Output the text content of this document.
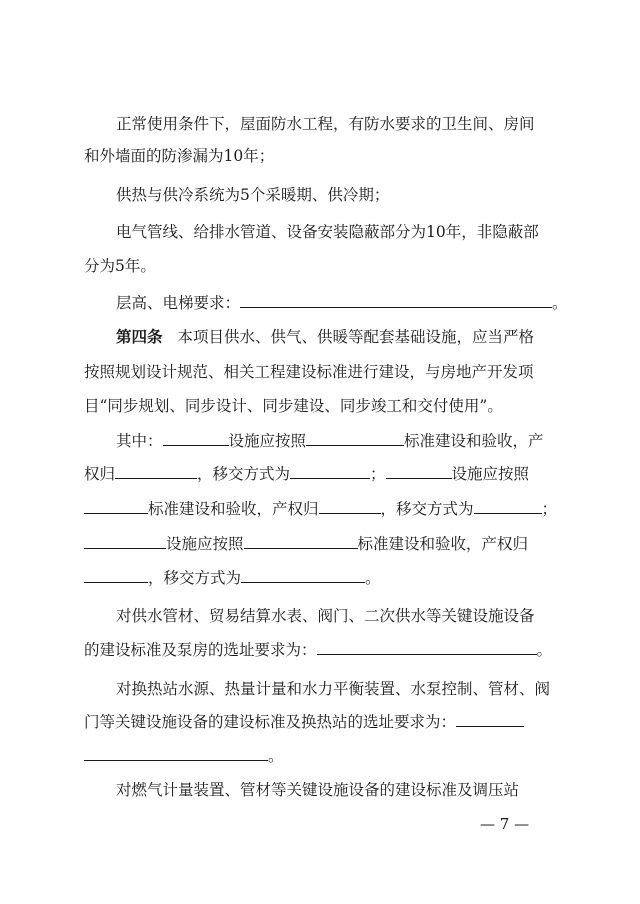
正常使用条件下，屋面防水工程，有防水要求的卫生间、房间
和外墙面的防渗漏为10年；
供热与供冷系统为5个采暖期、供冷期；
电气管线、给排水管道、设备安装隐蔽部分为10年，非隐蔽部
分为5年。
层高、电梯要求：	。
第四条 本项目供水、供气、供暖等配套基础设施，应当严格
按照规划设计规范、相关工程建设标准进行建设，与房地产开发项
目“同步规划、同步设计、同步建设、同步竣工和交付使用”。
其中：	设施应按照	标准建设和验收，产
权归	，移交方式为	；	设施应按照
标准建设和验收，产权归	，移交方式为	；
设施应按照	标准建设和验收，产权归
，移交方式为	。
对供水管材、贸易结算水表、阀门、二次供水等关键设施设备
的建设标准及泵房的选址要求为：	。
对换热站水源、热量计量和水力平衡装置、水泵控制、管材、阀
门等关键设施设备的建设标准及换热站的选址要求为：
。
对燃气计量装置、管材等关键设施设备的建设标准及调压站
— 7 —
